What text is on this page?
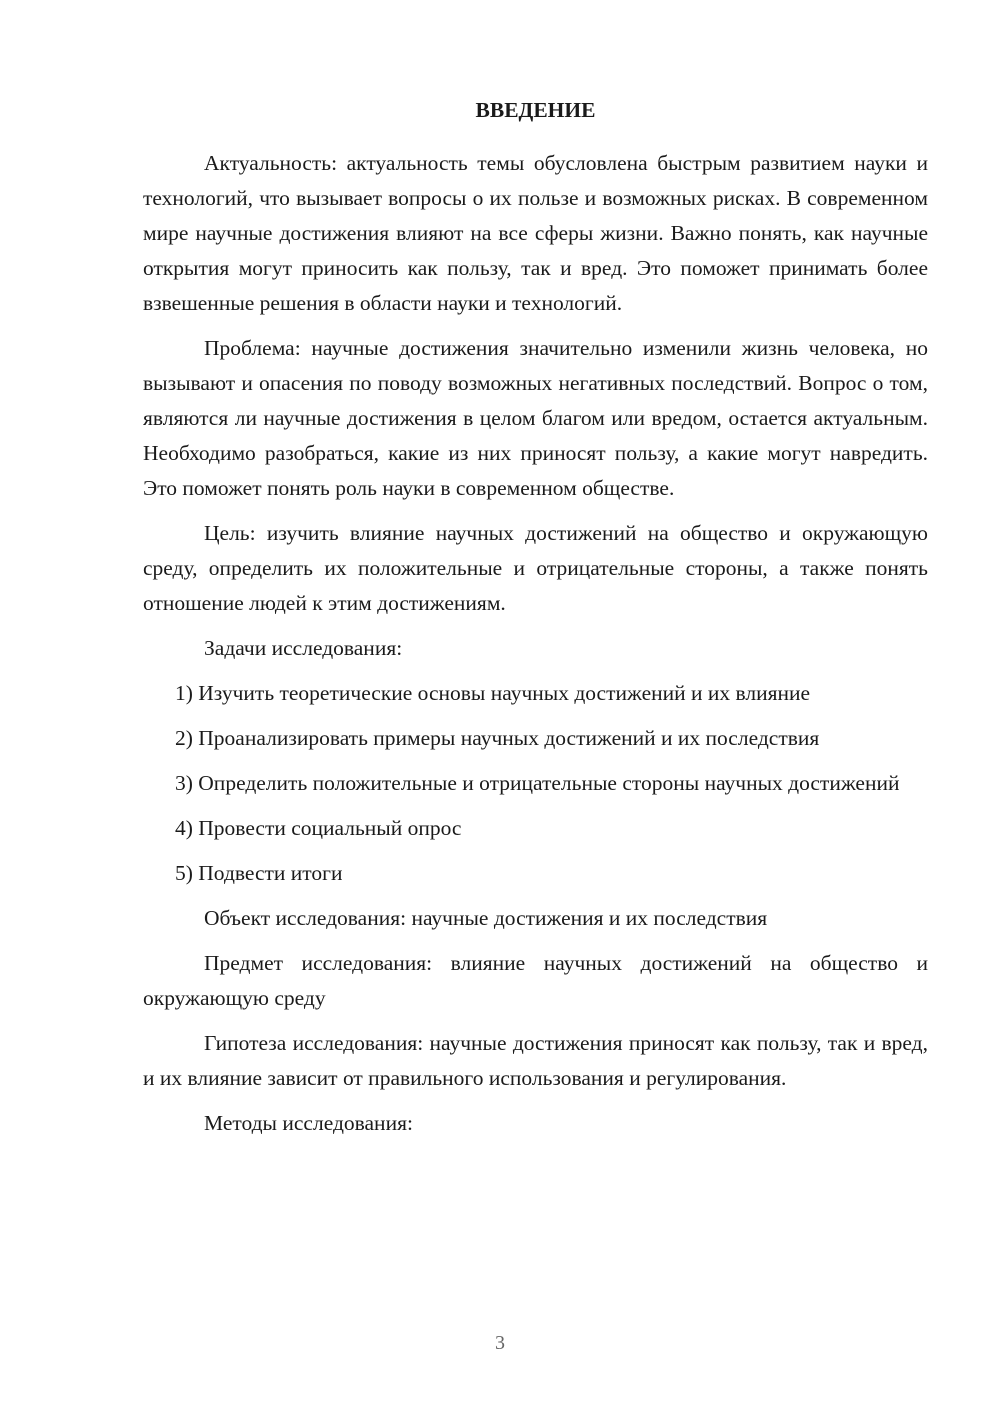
ВВЕДЕНИЕ

Актуальность: актуальность темы обусловлена быстрым развитием науки и технологий, что вызывает вопросы о их пользе и возможных рисках. В современном мире научные достижения влияют на все сферы жизни. Важно понять, как научные открытия могут приносить как пользу, так и вред. Это поможет принимать более взвешенные решения в области науки и технологий.

Проблема: научные достижения значительно изменили жизнь человека, но вызывают и опасения по поводу возможных негативных последствий. Вопрос о том, являются ли научные достижения в целом благом или вредом, остается актуальным. Необходимо разобраться, какие из них приносят пользу, а какие могут навредить. Это поможет понять роль науки в современном обществе.

Цель: изучить влияние научных достижений на общество и окружающую среду, определить их положительные и отрицательные стороны, а также понять отношение людей к этим достижениям.

Задачи исследования:

1) Изучить теоретические основы научных достижений и их влияние

2) Проанализировать примеры научных достижений и их последствия

3) Определить положительные и отрицательные стороны научных достижений

4) Провести социальный опрос

5) Подвести итоги

Объект исследования: научные достижения и их последствия

Предмет исследования: влияние научных достижений на общество и окружающую среду

Гипотеза исследования: научные достижения приносят как пользу, так и вред, и их влияние зависит от правильного использования и регулирования.

Методы исследования:

3
